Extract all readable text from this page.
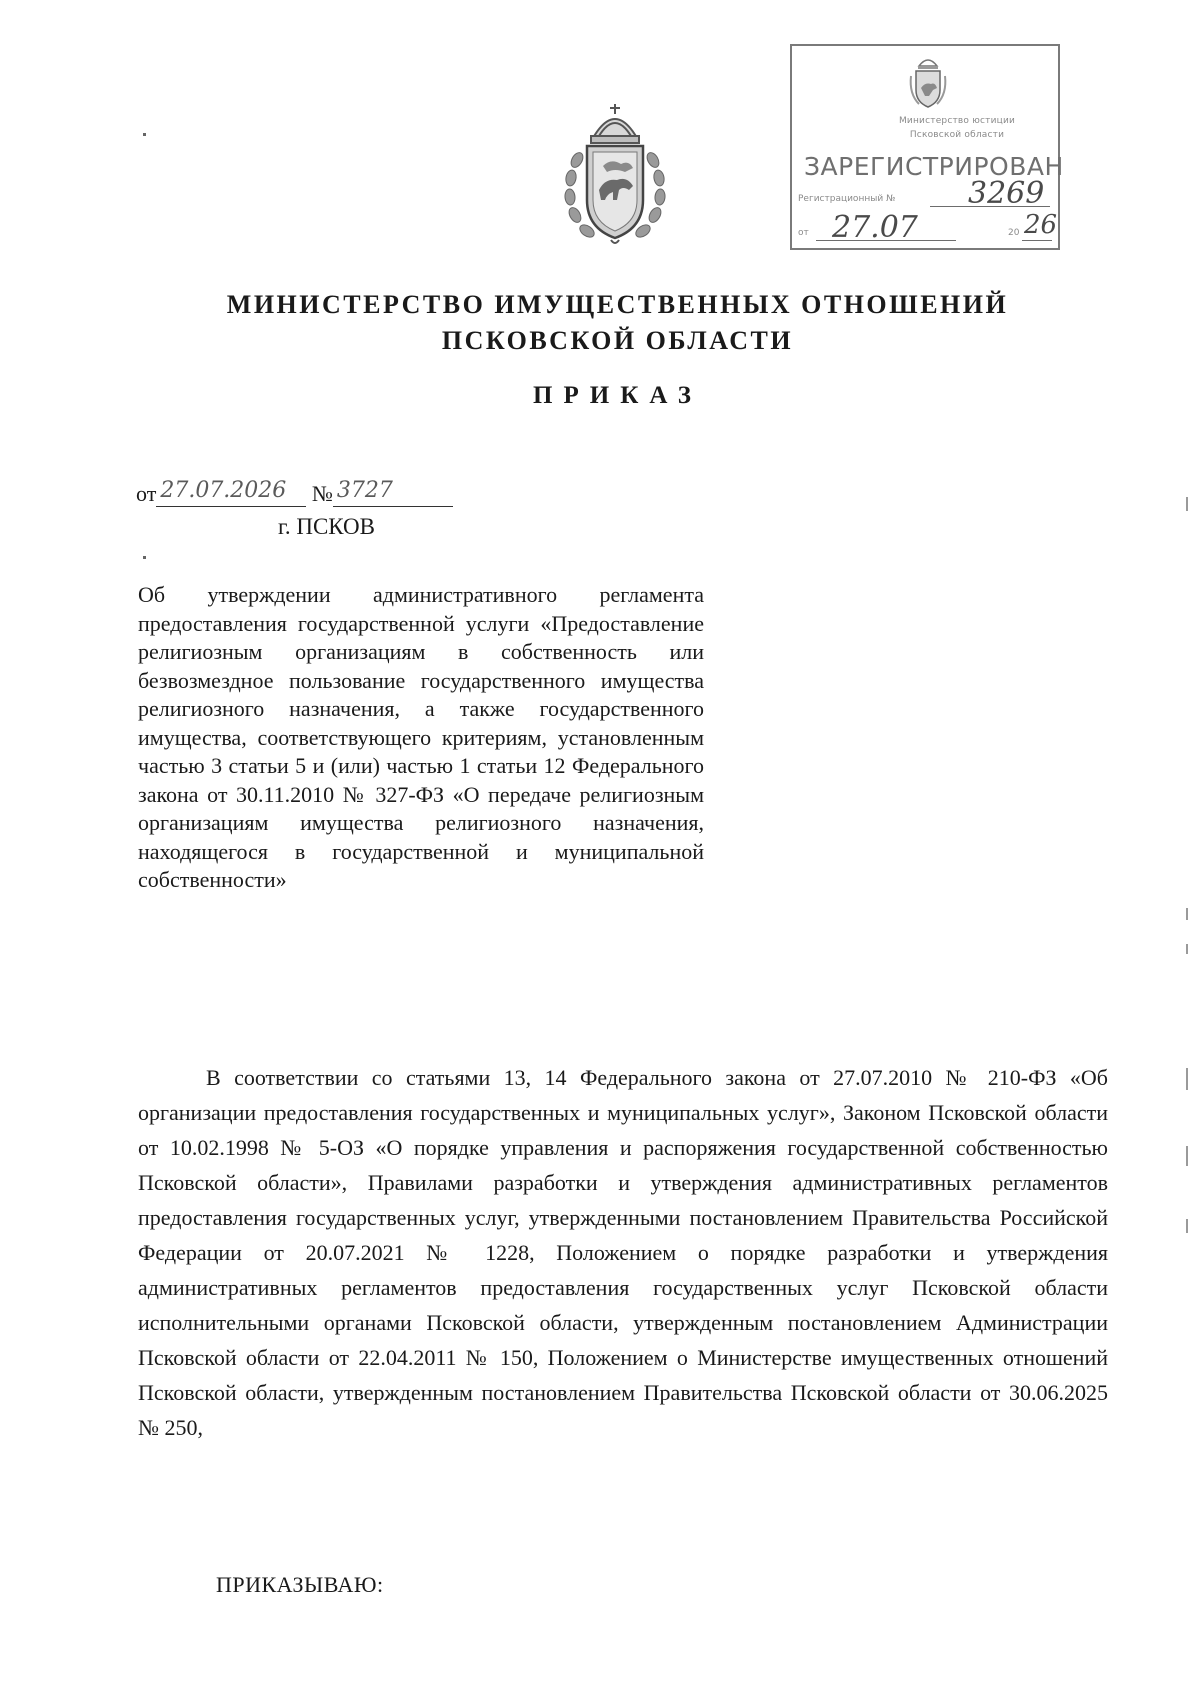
Министерство юстиции
Псковской области
ЗАРЕГИСТРИРОВАН
Регистрационный № 3269
от 27.07	20 26
МИНИСТЕРСТВО ИМУЩЕСТВЕННЫХ ОТНОШЕНИЙ
ПСКОВСКОЙ ОБЛАСТИ
ПРИКАЗ
от 27.07.2026 № 3727
г. ПСКОВ
Об утверждении административного регламента предоставления государственной услуги «Предоставление религиозным организациям в собственность или безвозмездное пользование государственного имущества религиозного назначения, а также государственного имущества, соответствующего критериям, установленным частью 3 статьи 5 и (или) частью 1 статьи 12 Федерального закона от 30.11.2010 № 327-ФЗ «О передаче религиозным организациям имущества религиозного назначения, находящегося в государственной и муниципальной собственности»

В соответствии со статьями 13, 14 Федерального закона от 27.07.2010 № 210-ФЗ «Об организации предоставления государственных и муниципальных услуг», Законом Псковской области от 10.02.1998 № 5-ОЗ «О порядке управления и распоряжения государственной собственностью Псковской области», Правилами разработки и утверждения административных регламентов предоставления государственных услуг, утвержденными постановлением Правительства Российской Федерации от 20.07.2021 № 1228, Положением о порядке разработки и утверждения административных регламентов предоставления государственных услуг Псковской области исполнительными органами Псковской области, утвержденным постановлением Администрации Псковской области от 22.04.2011 № 150, Положением о Министерстве имущественных отношений Псковской области, утвержденным постановлением Правительства Псковской области от 30.06.2025 № 250,

ПРИКАЗЫВАЮ:
